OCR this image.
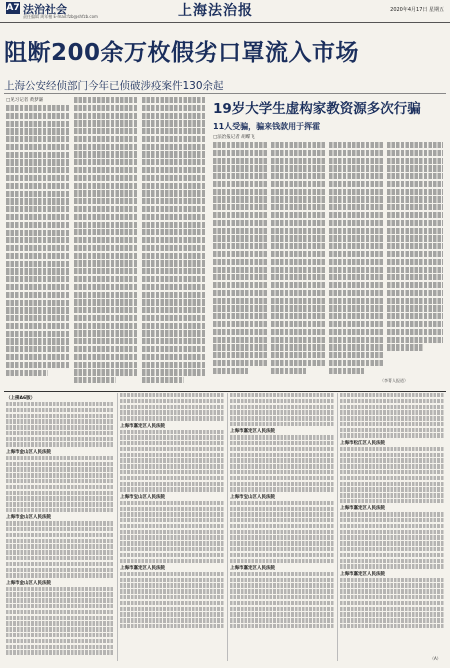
A7 法治社会
责任编辑 周年楷 E-mail:fzb@shfzb.com	上海法治报	2020年4月17日 星期五
阻断200余万枚假劣口罩流入市场
上海公安经侦部门今年已侦破涉疫案件130余起
□见习记者 黄梦谦
19岁大学生虚构家教资源多次行骗
11人受骗，骗来钱款用于挥霍
□法治报记者 胡蝶飞
（李菁人报道）
（上接A6版）
上海市金山区人民法院
上海市金山区人民法院
上海市金山区人民法院
上海市嘉定区人民法院
上海市宝山区人民法院
上海市嘉定区人民法院
上海市嘉定区人民法院
上海市宝山区人民法院
上海市嘉定区人民法院
上海市松江区人民法院
上海市嘉定区人民法院
上海市嘉定区人民法院
（A）
